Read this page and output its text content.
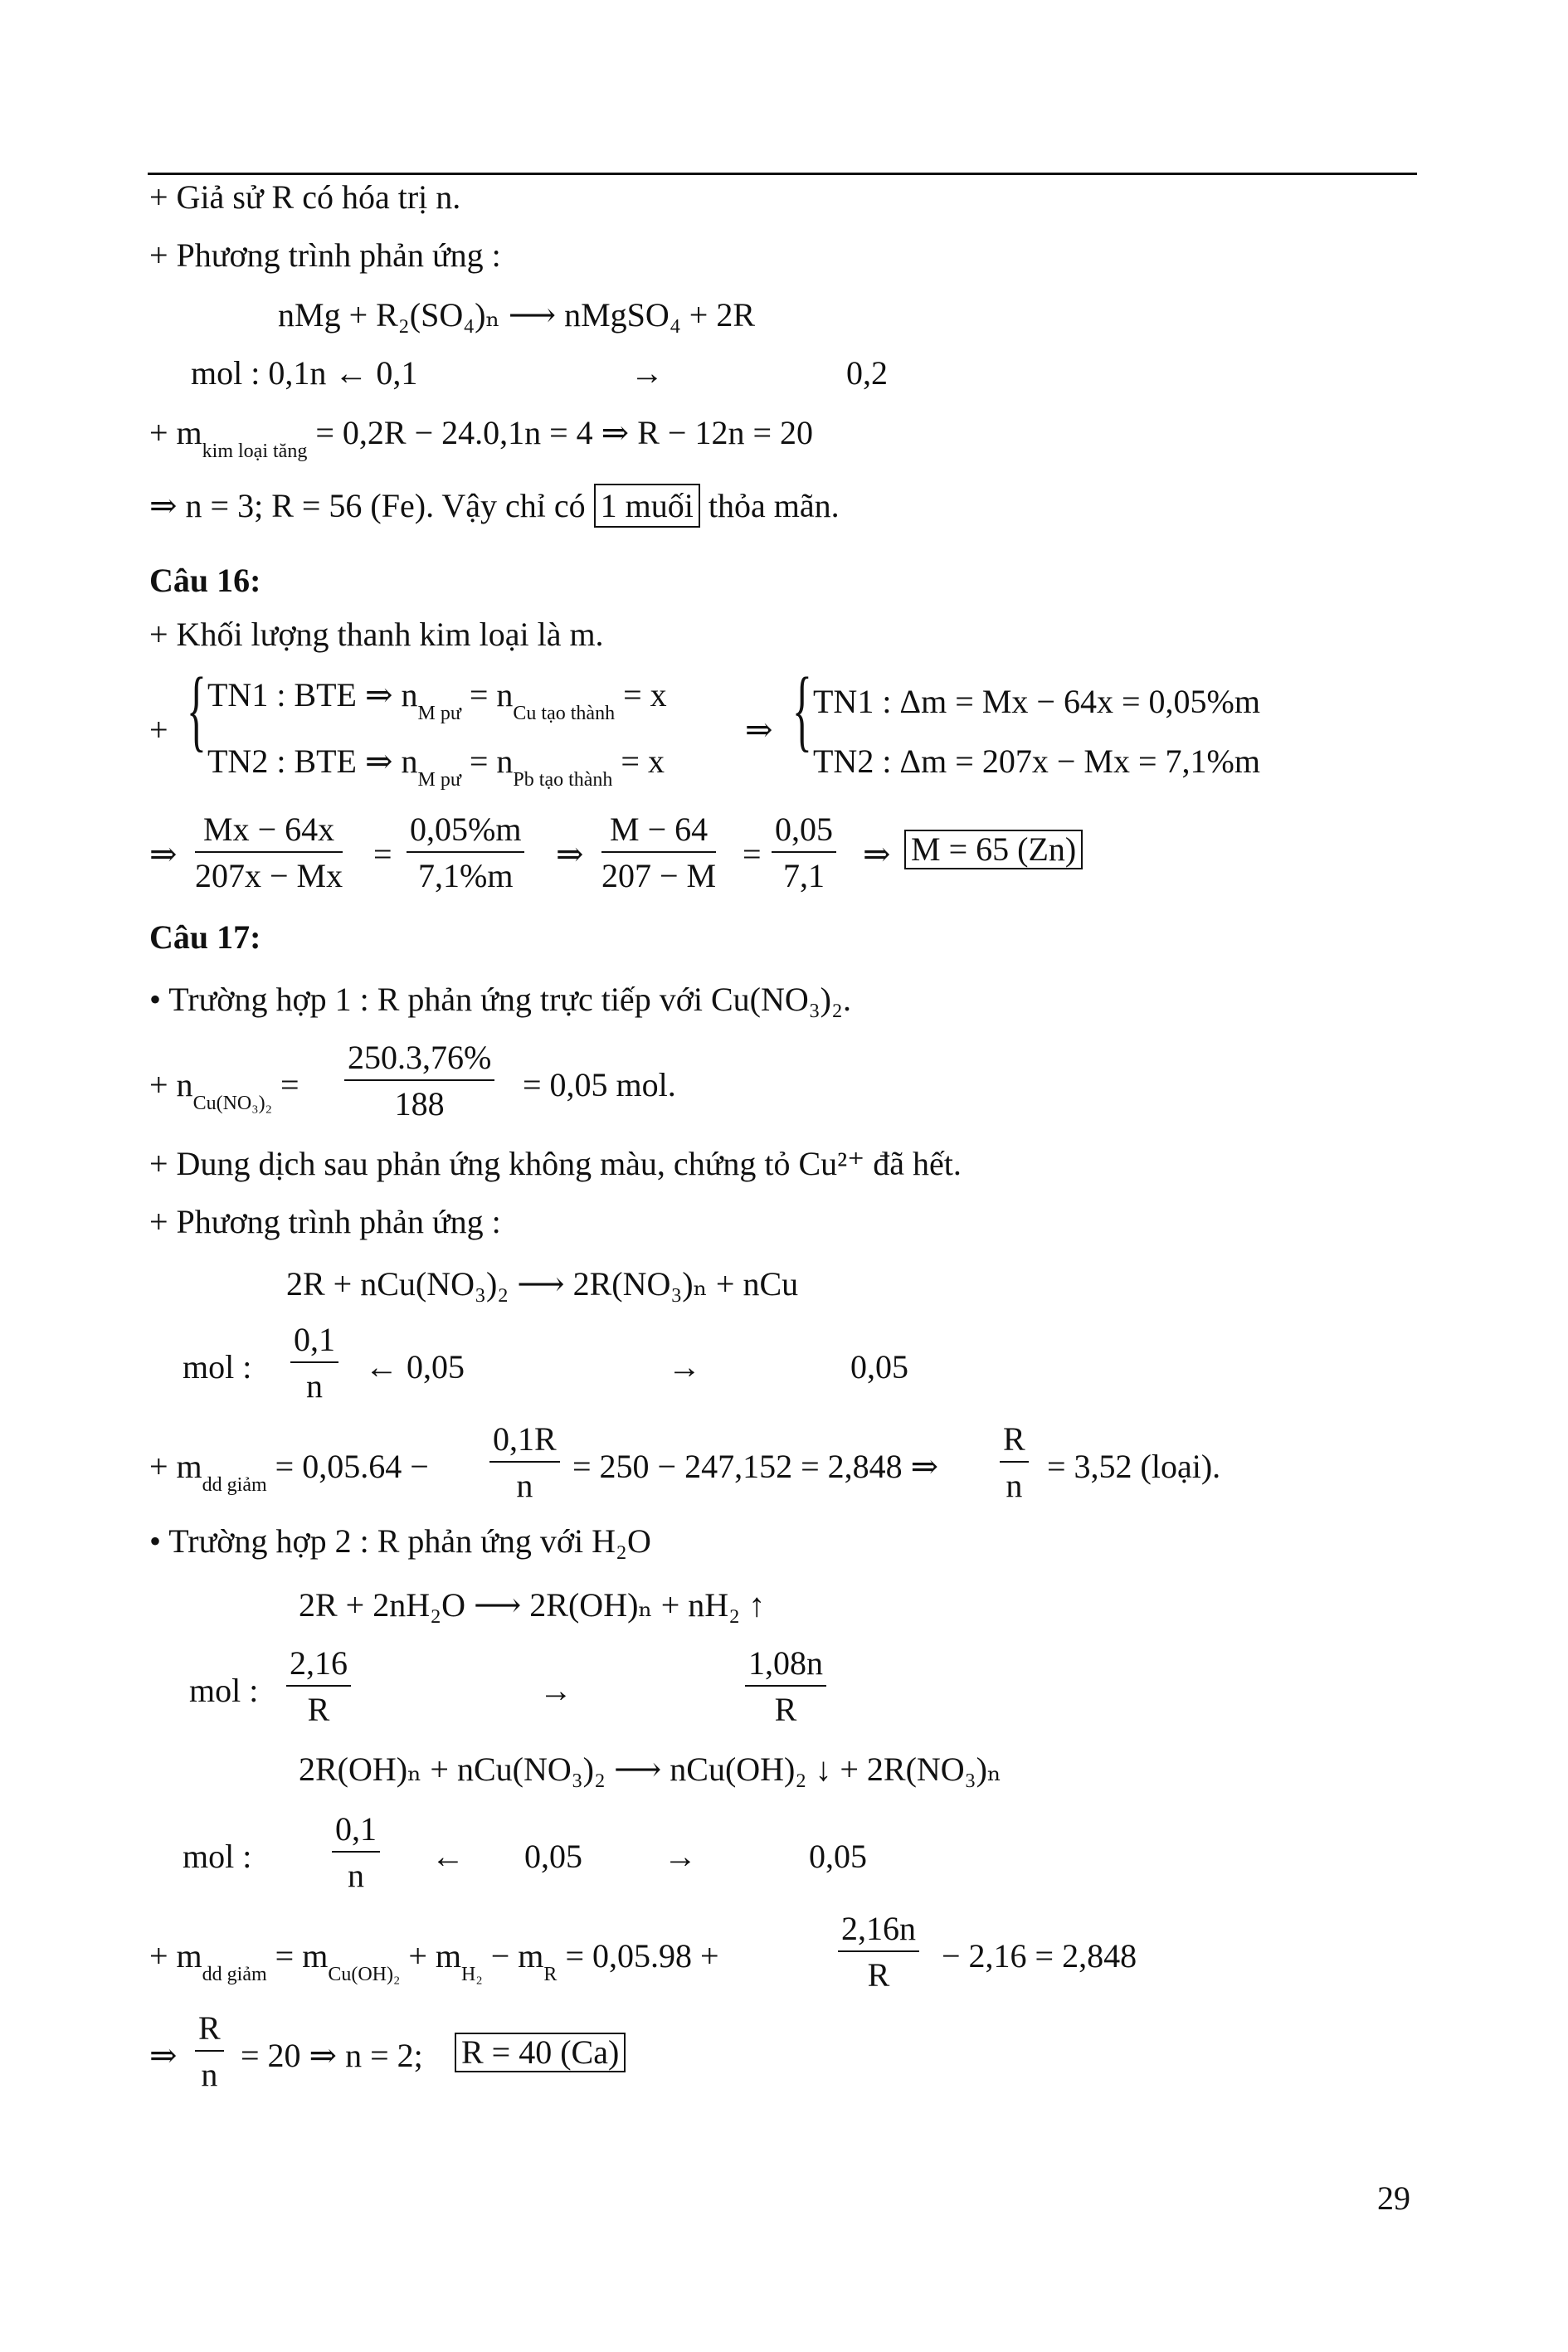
+ Giả sử R có hóa trị n.
+ Phương trình phản ứng :
nMg + R₂(SO₄)ₙ ⟶ nMgSO₄ + 2R
mol : 0,1n ← 0,1	→	0,2
+ $m_{kim loại tăng} = 0,2R - 24.0,1n = 4$ ⇒ R − 12n = 20
⇒ n = 3; R = 56 (Fe). Vậy chỉ có 1 muối thỏa mãn.
Câu 16:
+ Khối lượng thanh kim loại là m.
+ { TN1 : BTE ⇒ $n_{M pư} = n_{Cu tạo thành} = x$
TN2 : BTE ⇒ $n_{M pư} = n_{Pb tạo thành} = x$
⇒ { TN1 : Δm = Mx − 64x = 0,05%m
TN2 : Δm = 207x − Mx = 7,1%m
⇒ $\frac{Mx - 64x}{207x - Mx} = \frac{0,05\%m}{7,1\%m}$ ⇒ $\frac{M - 64}{207 - M} = \frac{0,05}{7,1}$ ⇒ M = 65 (Zn)
Câu 17:
• Trường hợp 1 : R phản ứng trực tiếp với Cu(NO₃)₂.
+ $n_{Cu(NO_3)_2} = \frac{250.3,76\%}{188} = 0,05$ mol.
+ Dung dịch sau phản ứng không màu, chứng tỏ Cu²⁺ đã hết.
+ Phương trình phản ứng :
2R + nCu(NO₃)₂ ⟶ 2R(NO₃)ₙ + nCu
mol : $\frac{0,1}{n}$ ← 0,05	→	0,05
+ $m_{dd giảm} = 0,05.64 - \frac{0,1R}{n} = 250 - 247,152 = 2,848$ ⇒ $\frac{R}{n} = 3,52$ (loại).
• Trường hợp 2 : R phản ứng với H₂O
2R + 2nH₂O ⟶ 2R(OH)ₙ + nH₂ ↑
mol : $\frac{2,16}{R}$	→	$\frac{1,08n}{R}$
2R(OH)ₙ + nCu(NO₃)₂ ⟶ nCu(OH)₂ ↓ + 2R(NO₃)ₙ
mol : $\frac{0,1}{n}$ ← 0,05 →	0,05
+ $m_{dd giảm} = m_{Cu(OH)_2} + m_{H_2} - m_R = 0,05.98$ +	$\frac{2,16n}{R} - 2,16 = 2,848$
⇒ $\frac{R}{n} = 20$ ⇒ n = 2; R = 40 (Ca)
29
